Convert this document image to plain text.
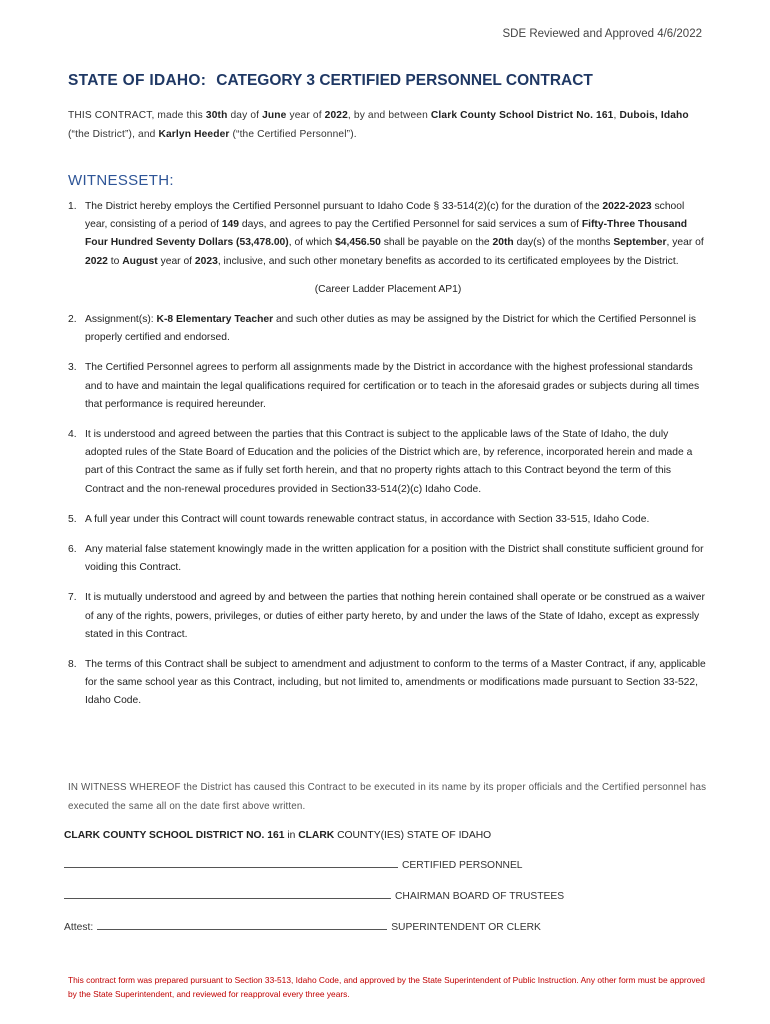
SDE Reviewed and Approved 4/6/2022
STATE OF IDAHO: CATEGORY 3 CERTIFIED PERSONNEL CONTRACT
THIS CONTRACT, made this 30th day of June year of 2022, by and between Clark County School District No. 161, Dubois, Idaho (“the District”), and Karlyn Heeder (“the Certified Personnel”).
WITNESSETH:
1. The District hereby employs the Certified Personnel pursuant to Idaho Code § 33-514(2)(c) for the duration of the 2022-2023 school year, consisting of a period of 149 days, and agrees to pay the Certified Personnel for said services a sum of Fifty-Three Thousand Four Hundred Seventy Dollars (53,478.00), of which $4,456.50 shall be payable on the 20th day(s) of the months September, year of 2022 to August year of 2023, inclusive, and such other monetary benefits as accorded to its certificated employees by the District.
(Career Ladder Placement AP1)
2. Assignment(s): K-8 Elementary Teacher and such other duties as may be assigned by the District for which the Certified Personnel is properly certified and endorsed.
3. The Certified Personnel agrees to perform all assignments made by the District in accordance with the highest professional standards and to have and maintain the legal qualifications required for certification or to teach in the aforesaid grades or subjects during all times that performance is required hereunder.
4. It is understood and agreed between the parties that this Contract is subject to the applicable laws of the State of Idaho, the duly adopted rules of the State Board of Education and the policies of the District which are, by reference, incorporated herein and made a part of this Contract the same as if fully set forth herein, and that no property rights attach to this Contract beyond the term of this Contract and the non-renewal procedures provided in Section33-514(2)(c) Idaho Code.
5. A full year under this Contract will count towards renewable contract status, in accordance with Section 33-515, Idaho Code.
6. Any material false statement knowingly made in the written application for a position with the District shall constitute sufficient ground for voiding this Contract.
7. It is mutually understood and agreed by and between the parties that nothing herein contained shall operate or be construed as a waiver of any of the rights, powers, privileges, or duties of either party hereto, by and under the laws of the State of Idaho, except as expressly stated in this Contract.
8. The terms of this Contract shall be subject to amendment and adjustment to conform to the terms of a Master Contract, if any, applicable for the same school year as this Contract, including, but not limited to, amendments or modifications made pursuant to Section 33-522, Idaho Code.
IN WITNESS WHEREOF the District has caused this Contract to be executed in its name by its proper officials and the Certified personnel has executed the same all on the date first above written.
CLARK COUNTY SCHOOL DISTRICT NO. 161 in CLARK COUNTY(IES) STATE OF IDAHO
CERTIFIED PERSONNEL
CHAIRMAN BOARD OF TRUSTEES
Attest:	SUPERINTENDENT OR CLERK
This contract form was prepared pursuant to Section 33-513, Idaho Code, and approved by the State Superintendent of Public Instruction. Any other form must be approved by the State Superintendent, and reviewed for reapproval every three years.
